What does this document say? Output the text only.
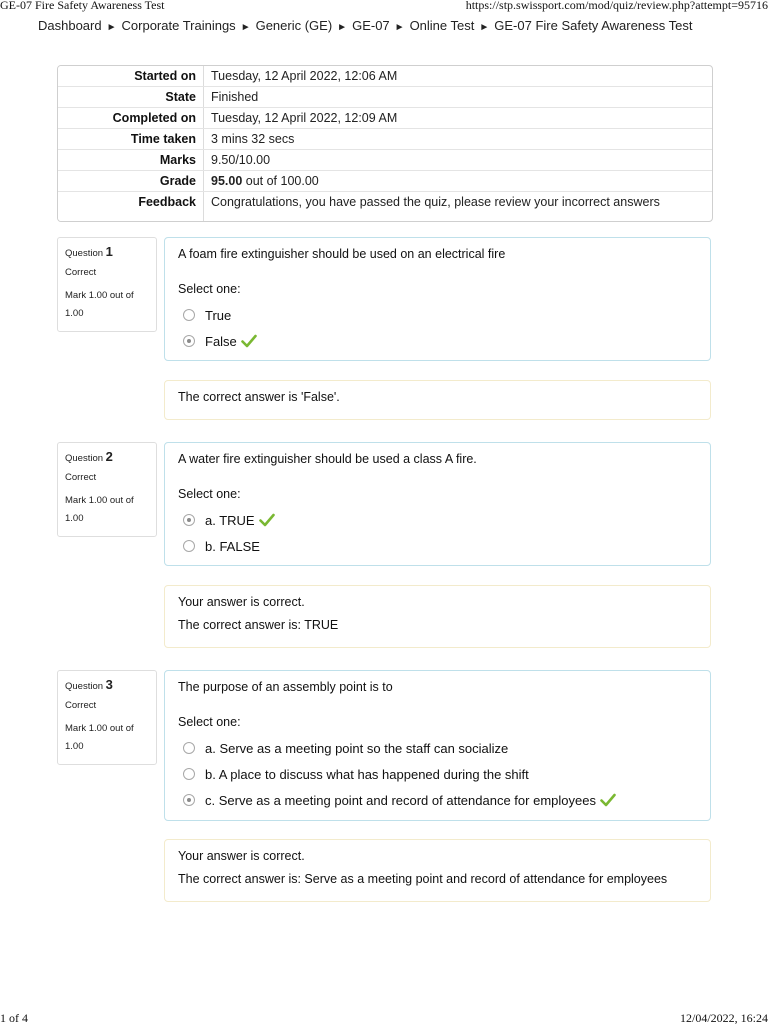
GE-07 Fire Safety Awareness Test	https://stp.swissport.com/mod/quiz/review.php?attempt=95716
Dashboard ► Corporate Trainings ► Generic (GE) ► GE-07 ► Online Test ► GE-07 Fire Safety Awareness Test
Started on	Tuesday, 12 April 2022, 12:06 AM
State	Finished
Completed on	Tuesday, 12 April 2022, 12:09 AM
Time taken	3 mins 32 secs
Marks	9.50/10.00
Grade	95.00 out of 100.00
Feedback	Congratulations, you have passed the quiz, please review your incorrect answers
Question 1
Correct
Mark 1.00 out of 1.00
A foam fire extinguisher should be used on an electrical fire
Select one:
True
False
The correct answer is 'False'.
Question 2
Correct
Mark 1.00 out of 1.00
A water fire extinguisher should be used a class A fire.
Select one:
a. TRUE
b. FALSE
Your answer is correct.
The correct answer is: TRUE
Question 3
Correct
Mark 1.00 out of 1.00
The purpose of an assembly point is to
Select one:
a. Serve as a meeting point so the staff can socialize
b. A place to discuss what has happened during the shift
c. Serve as a meeting point and record of attendance for employees
Your answer is correct.
The correct answer is: Serve as a meeting point and record of attendance for employees
1 of 4	12/04/2022, 16:24
